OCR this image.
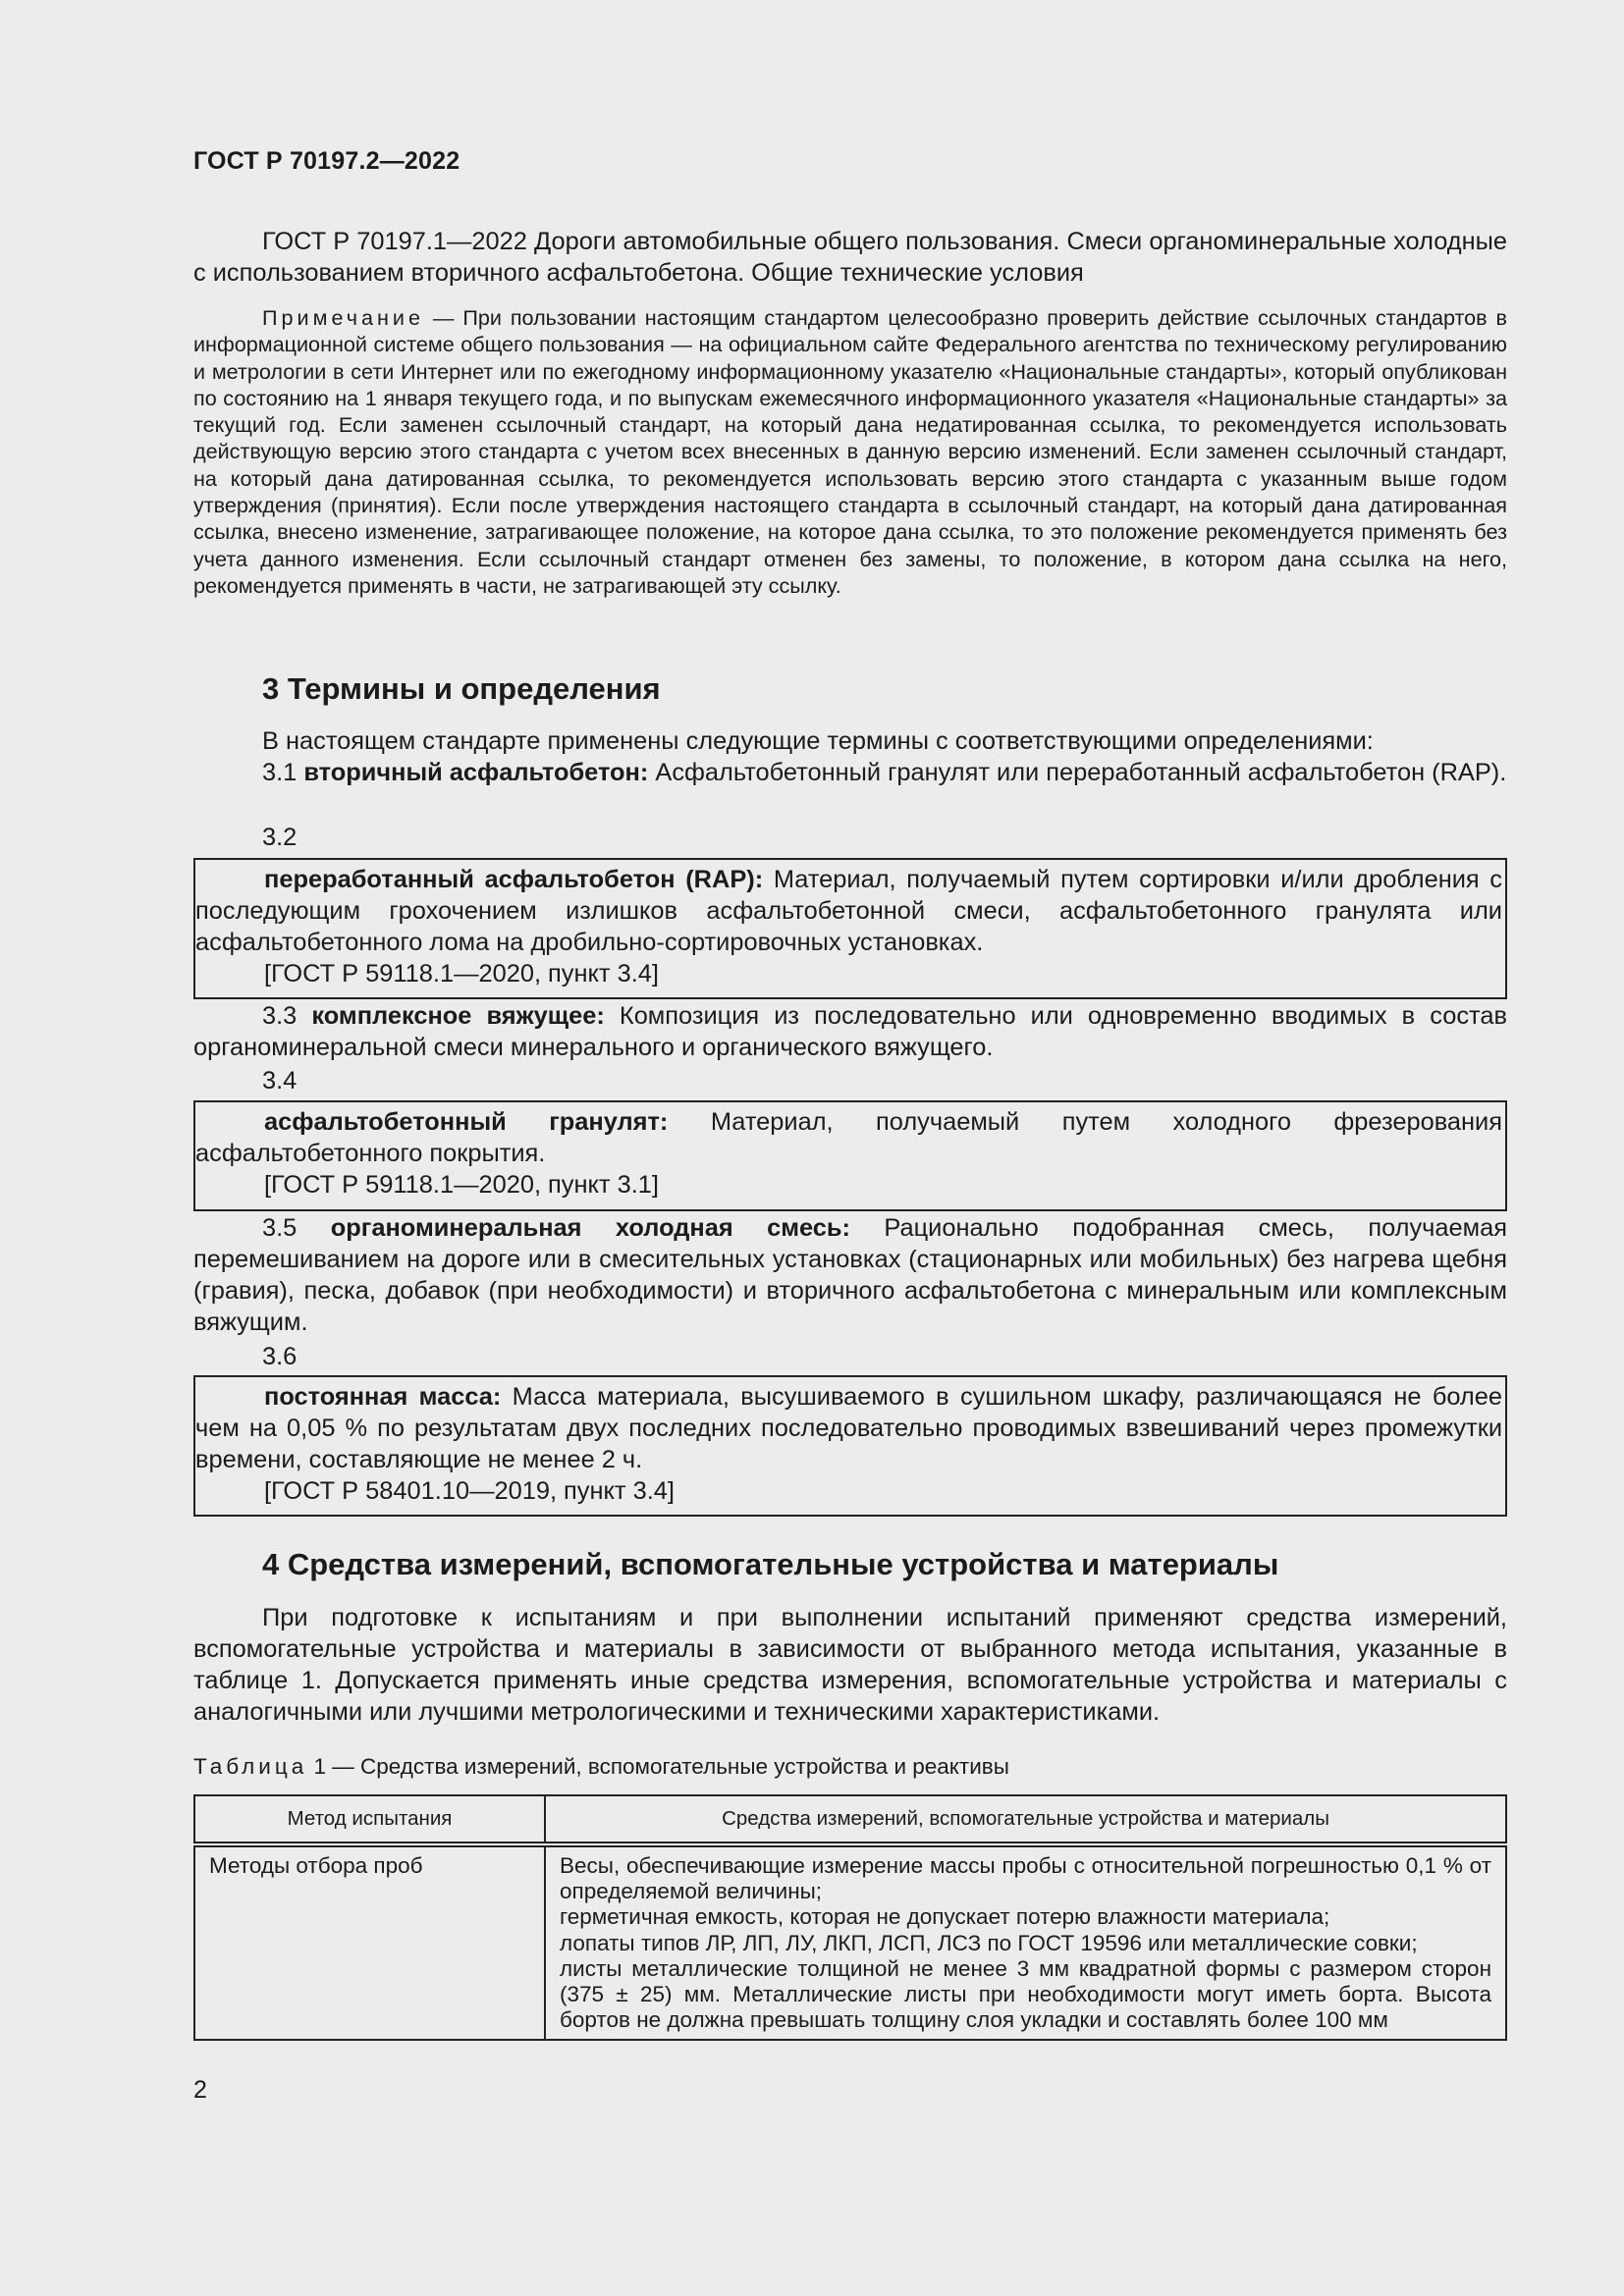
ГОСТ Р 70197.2—2022

ГОСТ Р 70197.1—2022 Дороги автомобильные общего пользования. Смеси органоминеральные холодные с использованием вторичного асфальтобетона. Общие технические условия

Примечание — При пользовании настоящим стандартом целесообразно проверить действие ссылочных стандартов в информационной системе общего пользования — на официальном сайте Федерального агентства по техническому регулированию и метрологии в сети Интернет или по ежегодному информационному указателю «Национальные стандарты», который опубликован по состоянию на 1 января текущего года, и по выпускам ежемесячного информационного указателя «Национальные стандарты» за текущий год. Если заменен ссылочный стандарт, на который дана недатированная ссылка, то рекомендуется использовать действующую версию этого стандарта с учетом всех внесенных в данную версию изменений. Если заменен ссылочный стандарт, на который дана датированная ссылка, то рекомендуется использовать версию этого стандарта с указанным выше годом утверждения (принятия). Если после утверждения настоящего стандарта в ссылочный стандарт, на который дана датированная ссылка, внесено изменение, затрагивающее положение, на которое дана ссылка, то это положение рекомендуется применять без учета данного изменения. Если ссылочный стандарт отменен без замены, то положение, в котором дана ссылка на него, рекомендуется применять в части, не затрагивающей эту ссылку.

3 Термины и определения

В настоящем стандарте применены следующие термины с соответствующими определениями:

3.1 вторичный асфальтобетон: Асфальтобетонный гранулят или переработанный асфальтобетон (RAP).

3.2

переработанный асфальтобетон (RAP): Материал, получаемый путем сортировки и/или дробления с последующим грохочением излишков асфальтобетонной смеси, асфальтобетонного гранулята или асфальтобетонного лома на дробильно-сортировочных установках.

[ГОСТ Р 59118.1—2020, пункт 3.4]

3.3 комплексное вяжущее: Композиция из последовательно или одновременно вводимых в состав органоминеральной смеси минерального и органического вяжущего.

3.4

асфальтобетонный гранулят: Материал, получаемый путем холодного фрезерования асфальтобетонного покрытия.

[ГОСТ Р 59118.1—2020, пункт 3.1]

3.5 органоминеральная холодная смесь: Рационально подобранная смесь, получаемая перемешиванием на дороге или в смесительных установках (стационарных или мобильных) без нагрева щебня (гравия), песка, добавок (при необходимости) и вторичного асфальтобетона с минеральным или комплексным вяжущим.

3.6

постоянная масса: Масса материала, высушиваемого в сушильном шкафу, различающаяся не более чем на 0,05 % по результатам двух последних последовательно проводимых взвешиваний через промежутки времени, составляющие не менее 2 ч.

[ГОСТ Р 58401.10—2019, пункт 3.4]

4 Средства измерений, вспомогательные устройства и материалы

При подготовке к испытаниям и при выполнении испытаний применяют средства измерений, вспомогательные устройства и материалы в зависимости от выбранного метода испытания, указанные в таблице 1. Допускается применять иные средства измерения, вспомогательные устройства и материалы с аналогичными или лучшими метрологическими и техническими характеристиками.

Таблица 1 — Средства измерений, вспомогательные устройства и реактивы
Метод испытания	Средства измерений, вспомогательные устройства и материалы
Методы отбора проб	Весы, обеспечивающие измерение массы пробы с относительной погрешностью 0,1 % от определяемой величины;
герметичная емкость, которая не допускает потерю влажности материала;
лопаты типов ЛР, ЛП, ЛУ, ЛКП, ЛСП, ЛСЗ по ГОСТ 19596 или металлические совки;
листы металлические толщиной не менее 3 мм квадратной формы с размером сторон (375 ± 25) мм. Металлические листы при необходимости могут иметь борта. Высота бортов не должна превышать толщину слоя укладки и составлять более 100 мм
2
